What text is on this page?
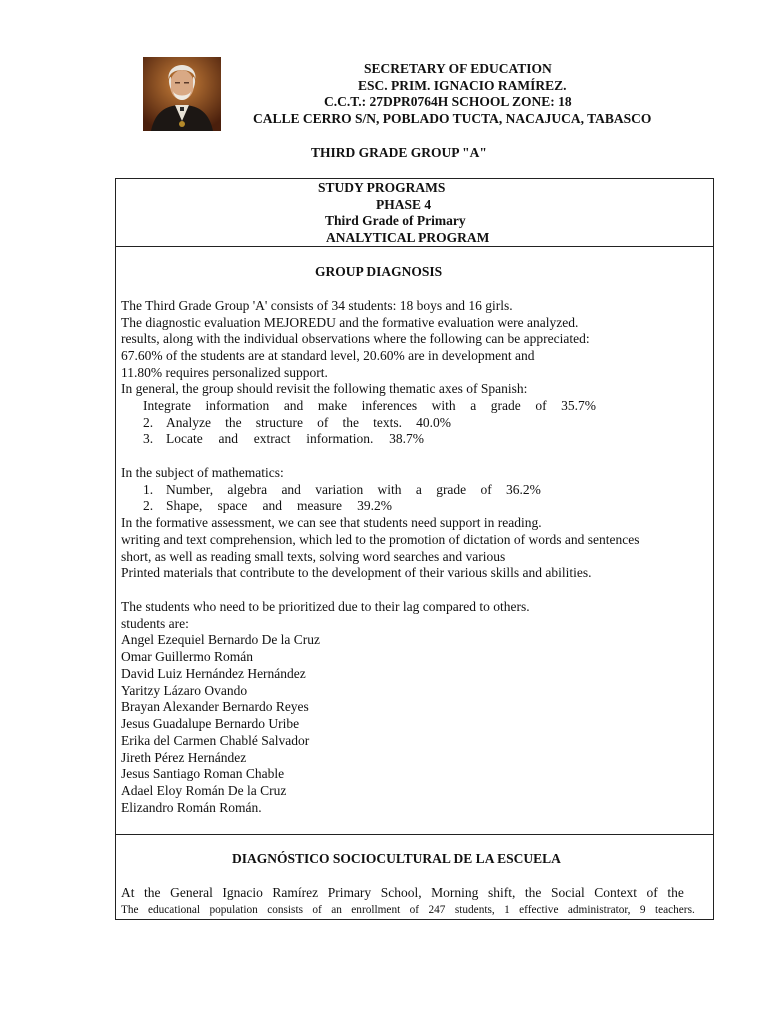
SECRETARY OF EDUCATION
ESC. PRIM. IGNACIO RAMÍREZ.
C.C.T.: 27DPR0764H SCHOOL ZONE: 18
CALLE CERRO S/N, POBLADO TUCTA, NACAJUCA, TABASCO
THIRD GRADE GROUP "A"
STUDY PROGRAMS
PHASE 4
Third Grade of Primary
ANALYTICAL PROGRAM
GROUP DIAGNOSIS
The Third Grade Group 'A' consists of 34 students: 18 boys and 16 girls.
The diagnostic evaluation MEJOREDU and the formative evaluation were analyzed.
results, along with the individual observations where the following can be appreciated:
67.60% of the students are at standard level, 20.60% are in development and
11.80% requires personalized support.
In general, the group should revisit the following thematic axes of Spanish:
Integrate information and make inferences with a grade of 35.7%
2. Analyze the structure of the texts. 40.0%
3. Locate and extract information. 38.7%
In the subject of mathematics:
1. Number, algebra and variation with a grade of 36.2%
2. Shape, space and measure 39.2%
In the formative assessment, we can see that students need support in reading.
writing and text comprehension, which led to the promotion of dictation of words and sentences
short, as well as reading small texts, solving word searches and various
Printed materials that contribute to the development of their various skills and abilities.
The students who need to be prioritized due to their lag compared to others.
students are:
Angel Ezequiel Bernardo De la Cruz
Omar Guillermo Román
David Luiz Hernández Hernández
Yaritzy Lázaro Ovando
Brayan Alexander Bernardo Reyes
Jesus Guadalupe Bernardo Uribe
Erika del Carmen Chablé Salvador
Jireth Pérez Hernández
Jesus Santiago Roman Chable
Adael Eloy Román De la Cruz
Elizandro Román Román.
DIAGNÓSTICO SOCIOCULTURAL DE LA ESCUELA
At the General Ignacio Ramírez Primary School, Morning shift, the Social Context of the
The educational population consists of an enrollment of 247 students, 1 effective administrator, 9 teachers.
